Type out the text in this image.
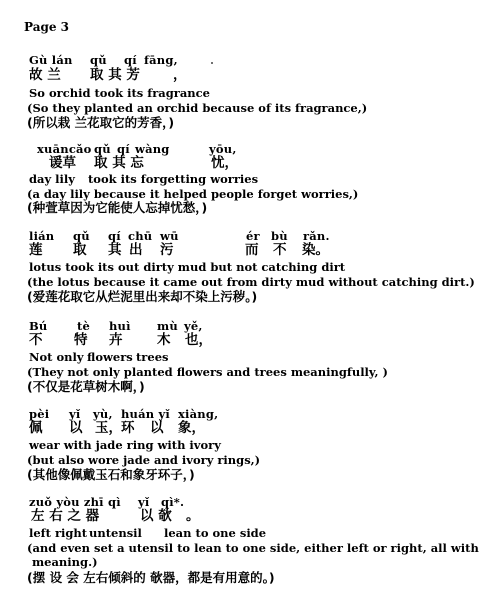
Page 3
Gù lán qǔ qí fāng,
故 兰 取 其 芳 ，
So orchid took its fragrance
(So they planted an orchid because of its fragrance,)
(所以栽 兰花取它的芳香，)
xuāncǎo qǔ qí wàng	yōu,
谖草 取 其 忘	忧，
day lily took its forgetting worries
(a day lily because it helped people forget worries,)
(种萱草因为它能使人忘掉忧愁，)
lián qǔ qí chū wū	ér bù rǎn.
莲 取 其 出 污	而 不 染。
lotus took its out dirty mud but not catching dirt
(the lotus because it came out from dirty mud without catching dirt.)
(爱莲花取它从烂泥里出来却不染上污秽。)
Bú	tè huì mù yě,
不 特 卉	木 也，
Not only flowers trees
(They not only planted flowers and trees meaningfully, )
(不仅是花草树木啊，)
pèi yǐ yù, huán yǐ xiàng,
佩 以 玉， 环 以 象，
wear with jade ring with ivory
(but also wore jade and ivory rings,)
(其他像佩戴玉石和象牙环子，)
zuǒ yòu zhī qì yǐ qì*.
左 右 之 器	以 欹 。
left right untensil lean to one side
(and even set a utensil to lean to one side, either left or right, all with
meaning.)
(摆 设 会 左右倾斜的 欹器，都是有用意的。)
